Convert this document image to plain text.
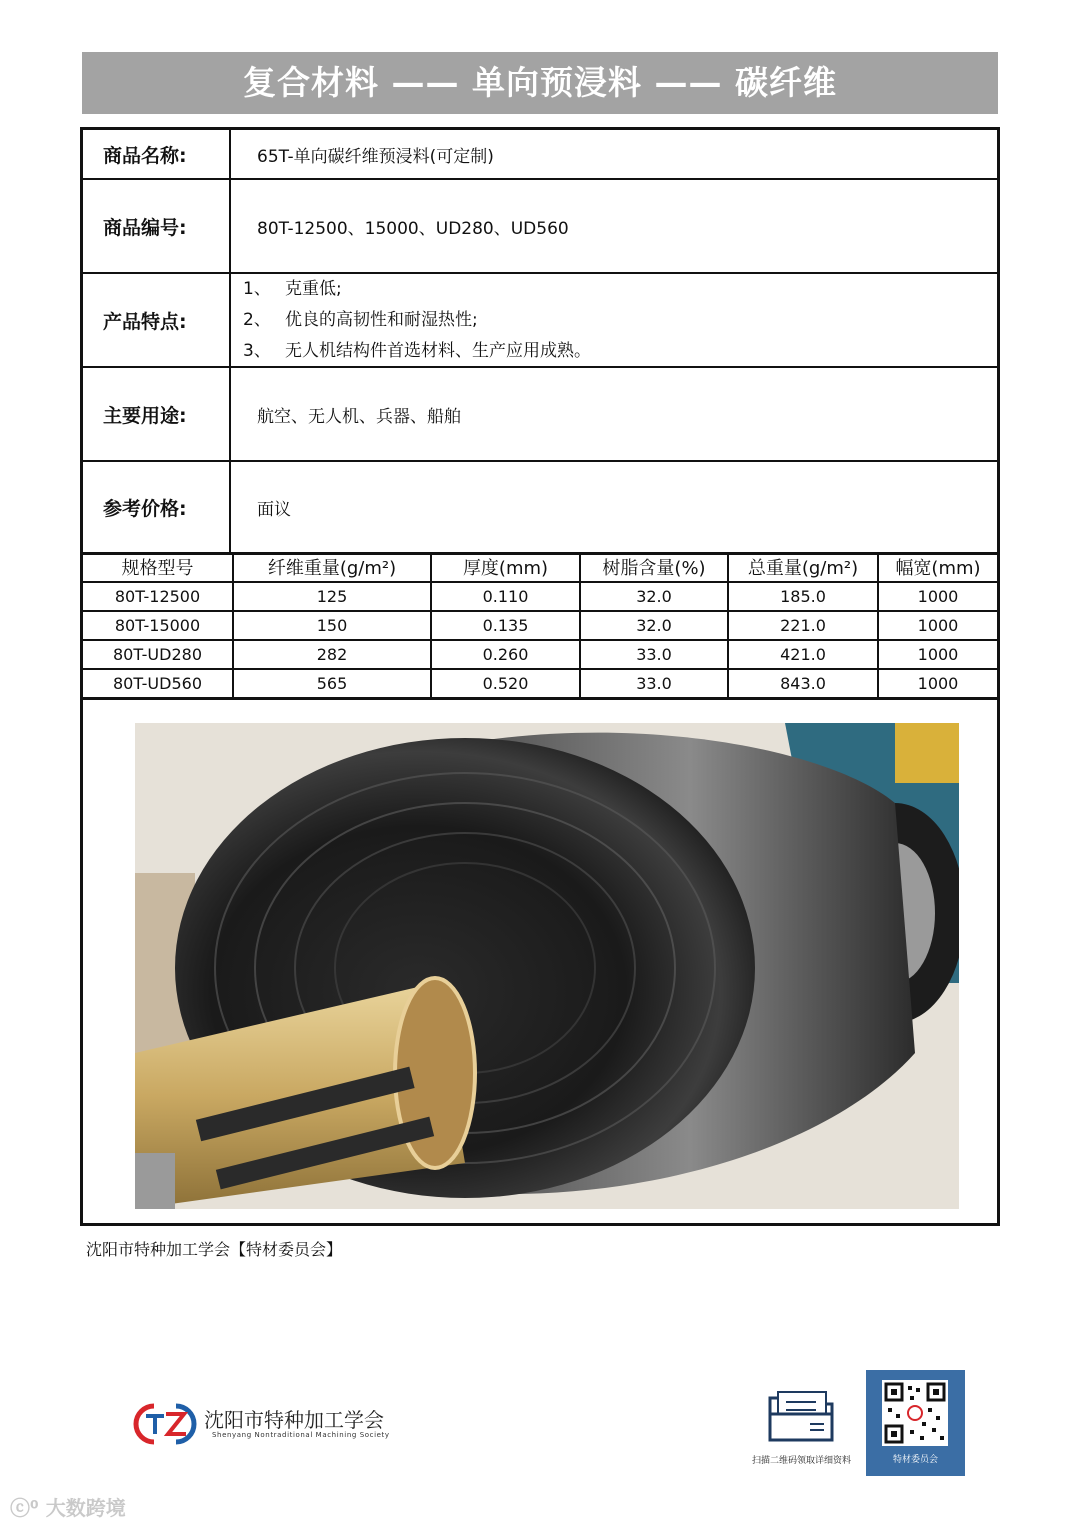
复合材料 —— 单向预浸料 —— 碳纤维
商品名称:	65T-单向碳纤维预浸料(可定制)
商品编号:	80T-12500、15000、UD280、UD560
产品特点:
1、 克重低;
2、 优良的高韧性和耐湿热性;
3、 无人机结构件首选材料、生产应用成熟。
主要用途:	航空、无人机、兵器、船舶
参考价格:	面议
规格型号	纤维重量(g/m²)	厚度(mm)	树脂含量(%)	总重量(g/m²)	幅宽(mm)
80T-12500	125	0.110	32.0	185.0	1000
80T-15000	150	0.135	32.0	221.0	1000
80T-UD280	282	0.260	33.0	421.0	1000
80T-UD560	565	0.520	33.0	843.0	1000
沈阳市特种加工学会【特材委员会】
沈阳市特种加工学会
Shenyang Nontraditional Machining Society
扫描二维码领取详细资料	特材委员会
ⓒ⁰ 大数跨境
